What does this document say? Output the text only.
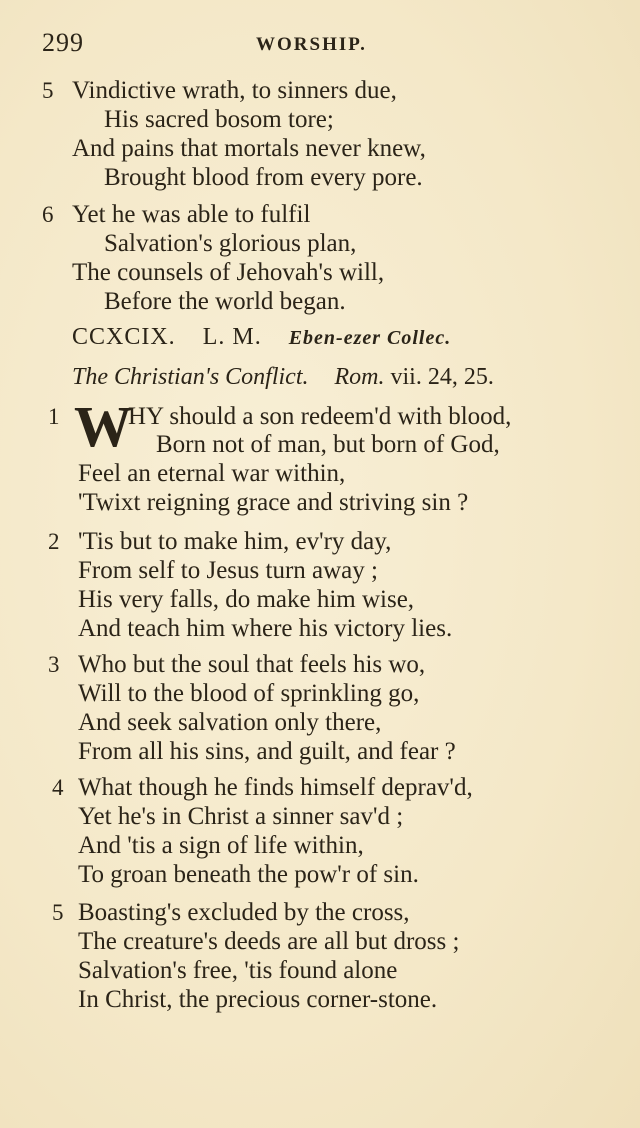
299	WORSHIP.
5 Vindictive wrath, to sinners due,
His sacred bosom tore;
And pains that mortals never knew,
Brought blood from every pore.
6 Yet he was able to fulfil
Salvation's glorious plan,
The counsels of Jehovah's will,
Before the world began.
CCXCIX. L. M. Eben-ezer Collec.
The Christian's Conflict. Rom. vii. 24, 25.
1 W
HY should a son redeem'd with blood,
Born not of man, but born of God,
Feel an eternal war within,
'Twixt reigning grace and striving sin ?
2 'Tis but to make him, ev'ry day,
From self to Jesus turn away ;
His very falls, do make him wise,
And teach him where his victory lies.
3 Who but the soul that feels his wo,
Will to the blood of sprinkling go,
And seek salvation only there,
From all his sins, and guilt, and fear ?
4 What though he finds himself deprav'd,
Yet he's in Christ a sinner sav'd ;
And 'tis a sign of life within,
To groan beneath the pow'r of sin.
5 Boasting's excluded by the cross,
The creature's deeds are all but dross ;
Salvation's free, 'tis found alone
In Christ, the precious corner-stone.
